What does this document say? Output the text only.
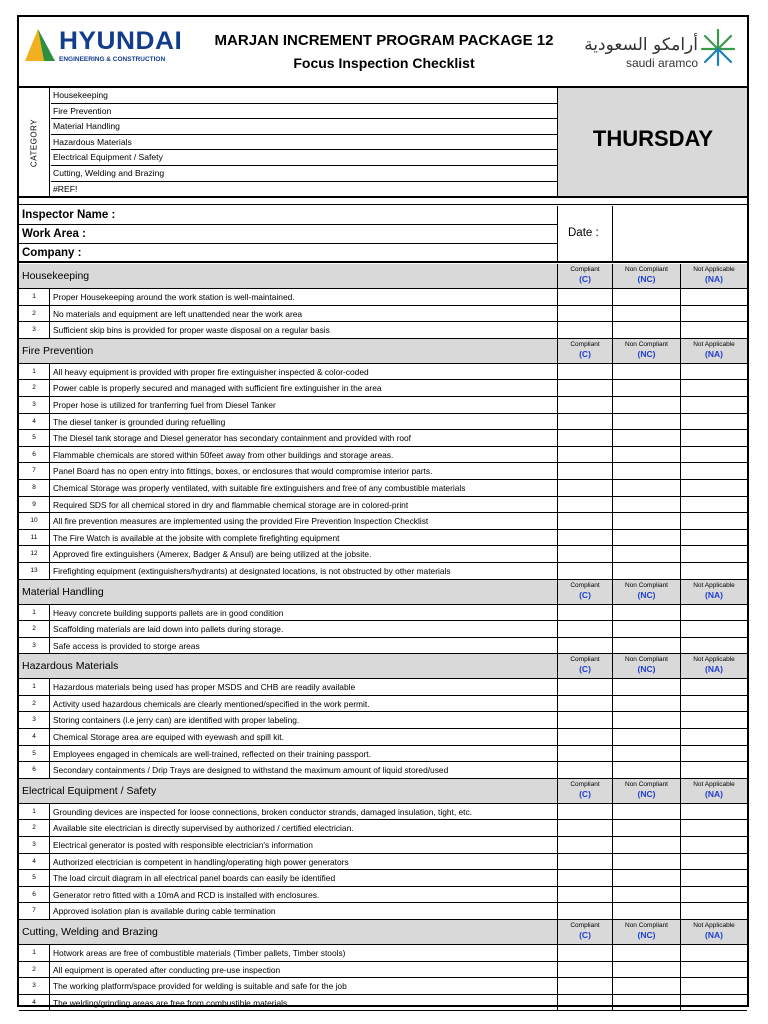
HYUNDAI
ENGINEERING & CONSTRUCTION
MARJAN INCREMENT PROGRAM PACKAGE 12
Focus Inspection Checklist
أرامكو السعودية
saudi aramco
CATEGORY
Housekeeping
Fire Prevention
Material Handling
Hazardous Materials
Electrical Equipment / Safety
Cutting, Welding and Brazing
#REF!
THURSDAY
Inspector Name :
Work Area :
Company :
Date :
Housekeeping
Compliant
(C)
Non Compliant
(NC)
Not Applicable
(NA)
1	Proper Housekeeping around the work station is well-maintained.
2	No materials and equipment are left unattended near the work area
3	Sufficient skip bins is provided for proper waste disposal on a regular basis
Fire Prevention
Compliant
(C)
Non Compliant
(NC)
Not Applicable
(NA)
1	All heavy equipment is provided with proper fire extinguisher inspected & color-coded
2	Power cable is properly secured and managed with sufficient fire extinguisher in the area
3	Proper hose is utilized for tranferring fuel from Diesel Tanker
4	The diesel tanker is grounded during refuelling
5	The Diesel tank storage and Diesel generator has secondary containment and provided with roof
6	Flammable chemicals are stored within 50feet away from other buildings and storage areas.
7	Panel Board has no open entry into fittings, boxes, or enclosures that would compromise interior parts.
8	Chemical Storage was properly ventilated, with suitable fire extinguishers and free of any combustible materials
9	Required SDS for all chemical stored in dry and flammable chemical storage are in colored-print
10	All fire prevention measures are implemented using the provided Fire Prevention Inspection Checklist
11	The Fire Watch is available at the jobsite with complete firefighting equipment
12	Approved fire extinguishers (Amerex, Badger & Ansul) are being utilized at the jobsite.
13	Firefighting equipment (extinguishers/hydrants) at designated locations, is not obstructed by other materials
Material Handling
Compliant
(C)
Non Compliant
(NC)
Not Applicable
(NA)
1	Heavy concrete building supports pallets are in good condition
2	Scaffolding materials are laid down into pallets during storage.
3	Safe access is provided to storge areas
Hazardous Materials
Compliant
(C)
Non Compliant
(NC)
Not Applicable
(NA)
1	Hazardous materials being used has proper MSDS and CHB are readily available
2	Activity used hazardous chemicals are clearly mentioned/specified in the work permit.
3	Storing containers (i.e jerry can) are identified with proper labeling.
4	Chemical Storage area are equiped with eyewash and spill kit.
5	Employees engaged in chemicals are well-trained, reflected on their training passport.
6	Secondary containments / Drip Trays are designed to withstand the maximum amount of liquid stored/used
Electrical Equipment / Safety
Compliant
(C)
Non Compliant
(NC)
Not Applicable
(NA)
1	Grounding devices are inspected for loose connections, broken conductor strands, damaged insulation, tight, etc.
2	Available site electrician is directly supervised by authorized / certified electrician.
3	Electrical generator is posted with responsible electrician's information
4	Authorized electrician is competent in handling/operating high power generators
5	The load circuit diagram in all electrical panel boards can easily be identified
6	Generator retro fitted with a 10mA and RCD is installed with enclosures.
7	Approved isolation plan is available during cable termination
Cutting, Welding and Brazing
Compliant
(C)
Non Compliant
(NC)
Not Applicable
(NA)
1	Hotwork areas are free of combustible materials (Timber pallets, Timber stools)
2	All equipment is operated after conducting pre-use inspection
3	The working platform/space provided for welding is suitable and safe for the job
4	The welding/grinding areas are free from combustible materials
